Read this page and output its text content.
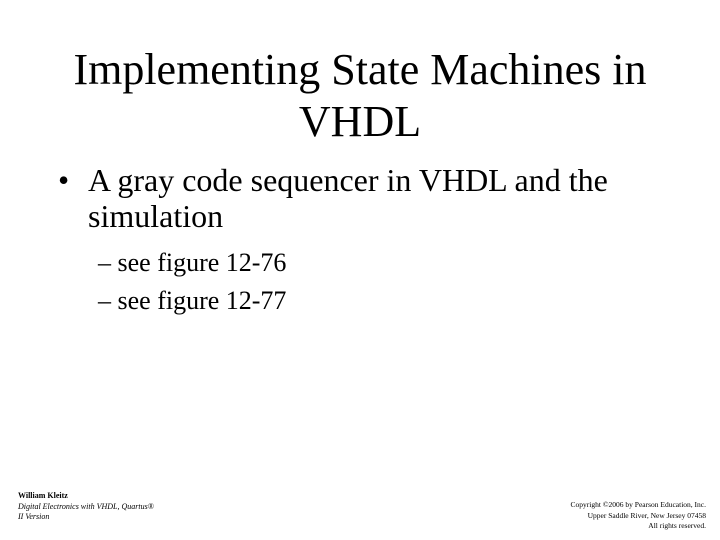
Implementing State Machines in
VHDL
• A gray code sequencer in VHDL and the
simulation
– see figure 12-76
– see figure 12-77
William Kleitz
Digital Electronics with VHDL, Quartus®
II Version
Copyright ©2006 by Pearson Education, Inc.
Upper Saddle River, New Jersey 07458
All rights reserved.
